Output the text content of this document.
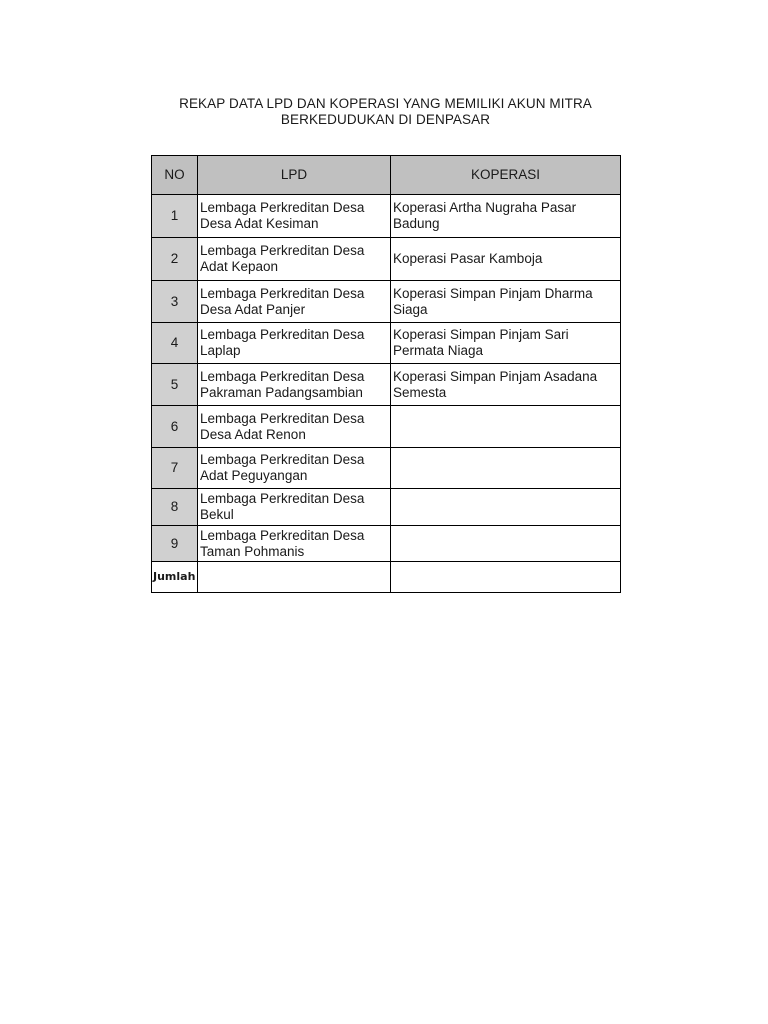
REKAP DATA LPD DAN KOPERASI YANG MEMILIKI AKUN MITRA
BERKEDUDUKAN DI DENPASAR
NO	LPD	KOPERASI
1	Lembaga Perkreditan Desa Desa Adat Kesiman	Koperasi Artha Nugraha Pasar Badung
2	Lembaga Perkreditan Desa Adat Kepaon	Koperasi Pasar Kamboja
3	Lembaga Perkreditan Desa Desa Adat Panjer	Koperasi Simpan Pinjam Dharma Siaga
4	Lembaga Perkreditan Desa Laplap	Koperasi Simpan Pinjam Sari Permata Niaga
5	Lembaga Perkreditan Desa Pakraman Padangsambian	Koperasi Simpan Pinjam Asadana Semesta
6	Lembaga Perkreditan Desa Desa Adat Renon	
7	Lembaga Perkreditan Desa Adat Peguyangan	
8	Lembaga Perkreditan Desa Bekul	
9	Lembaga Perkreditan Desa Taman Pohmanis	
Jumlah		
